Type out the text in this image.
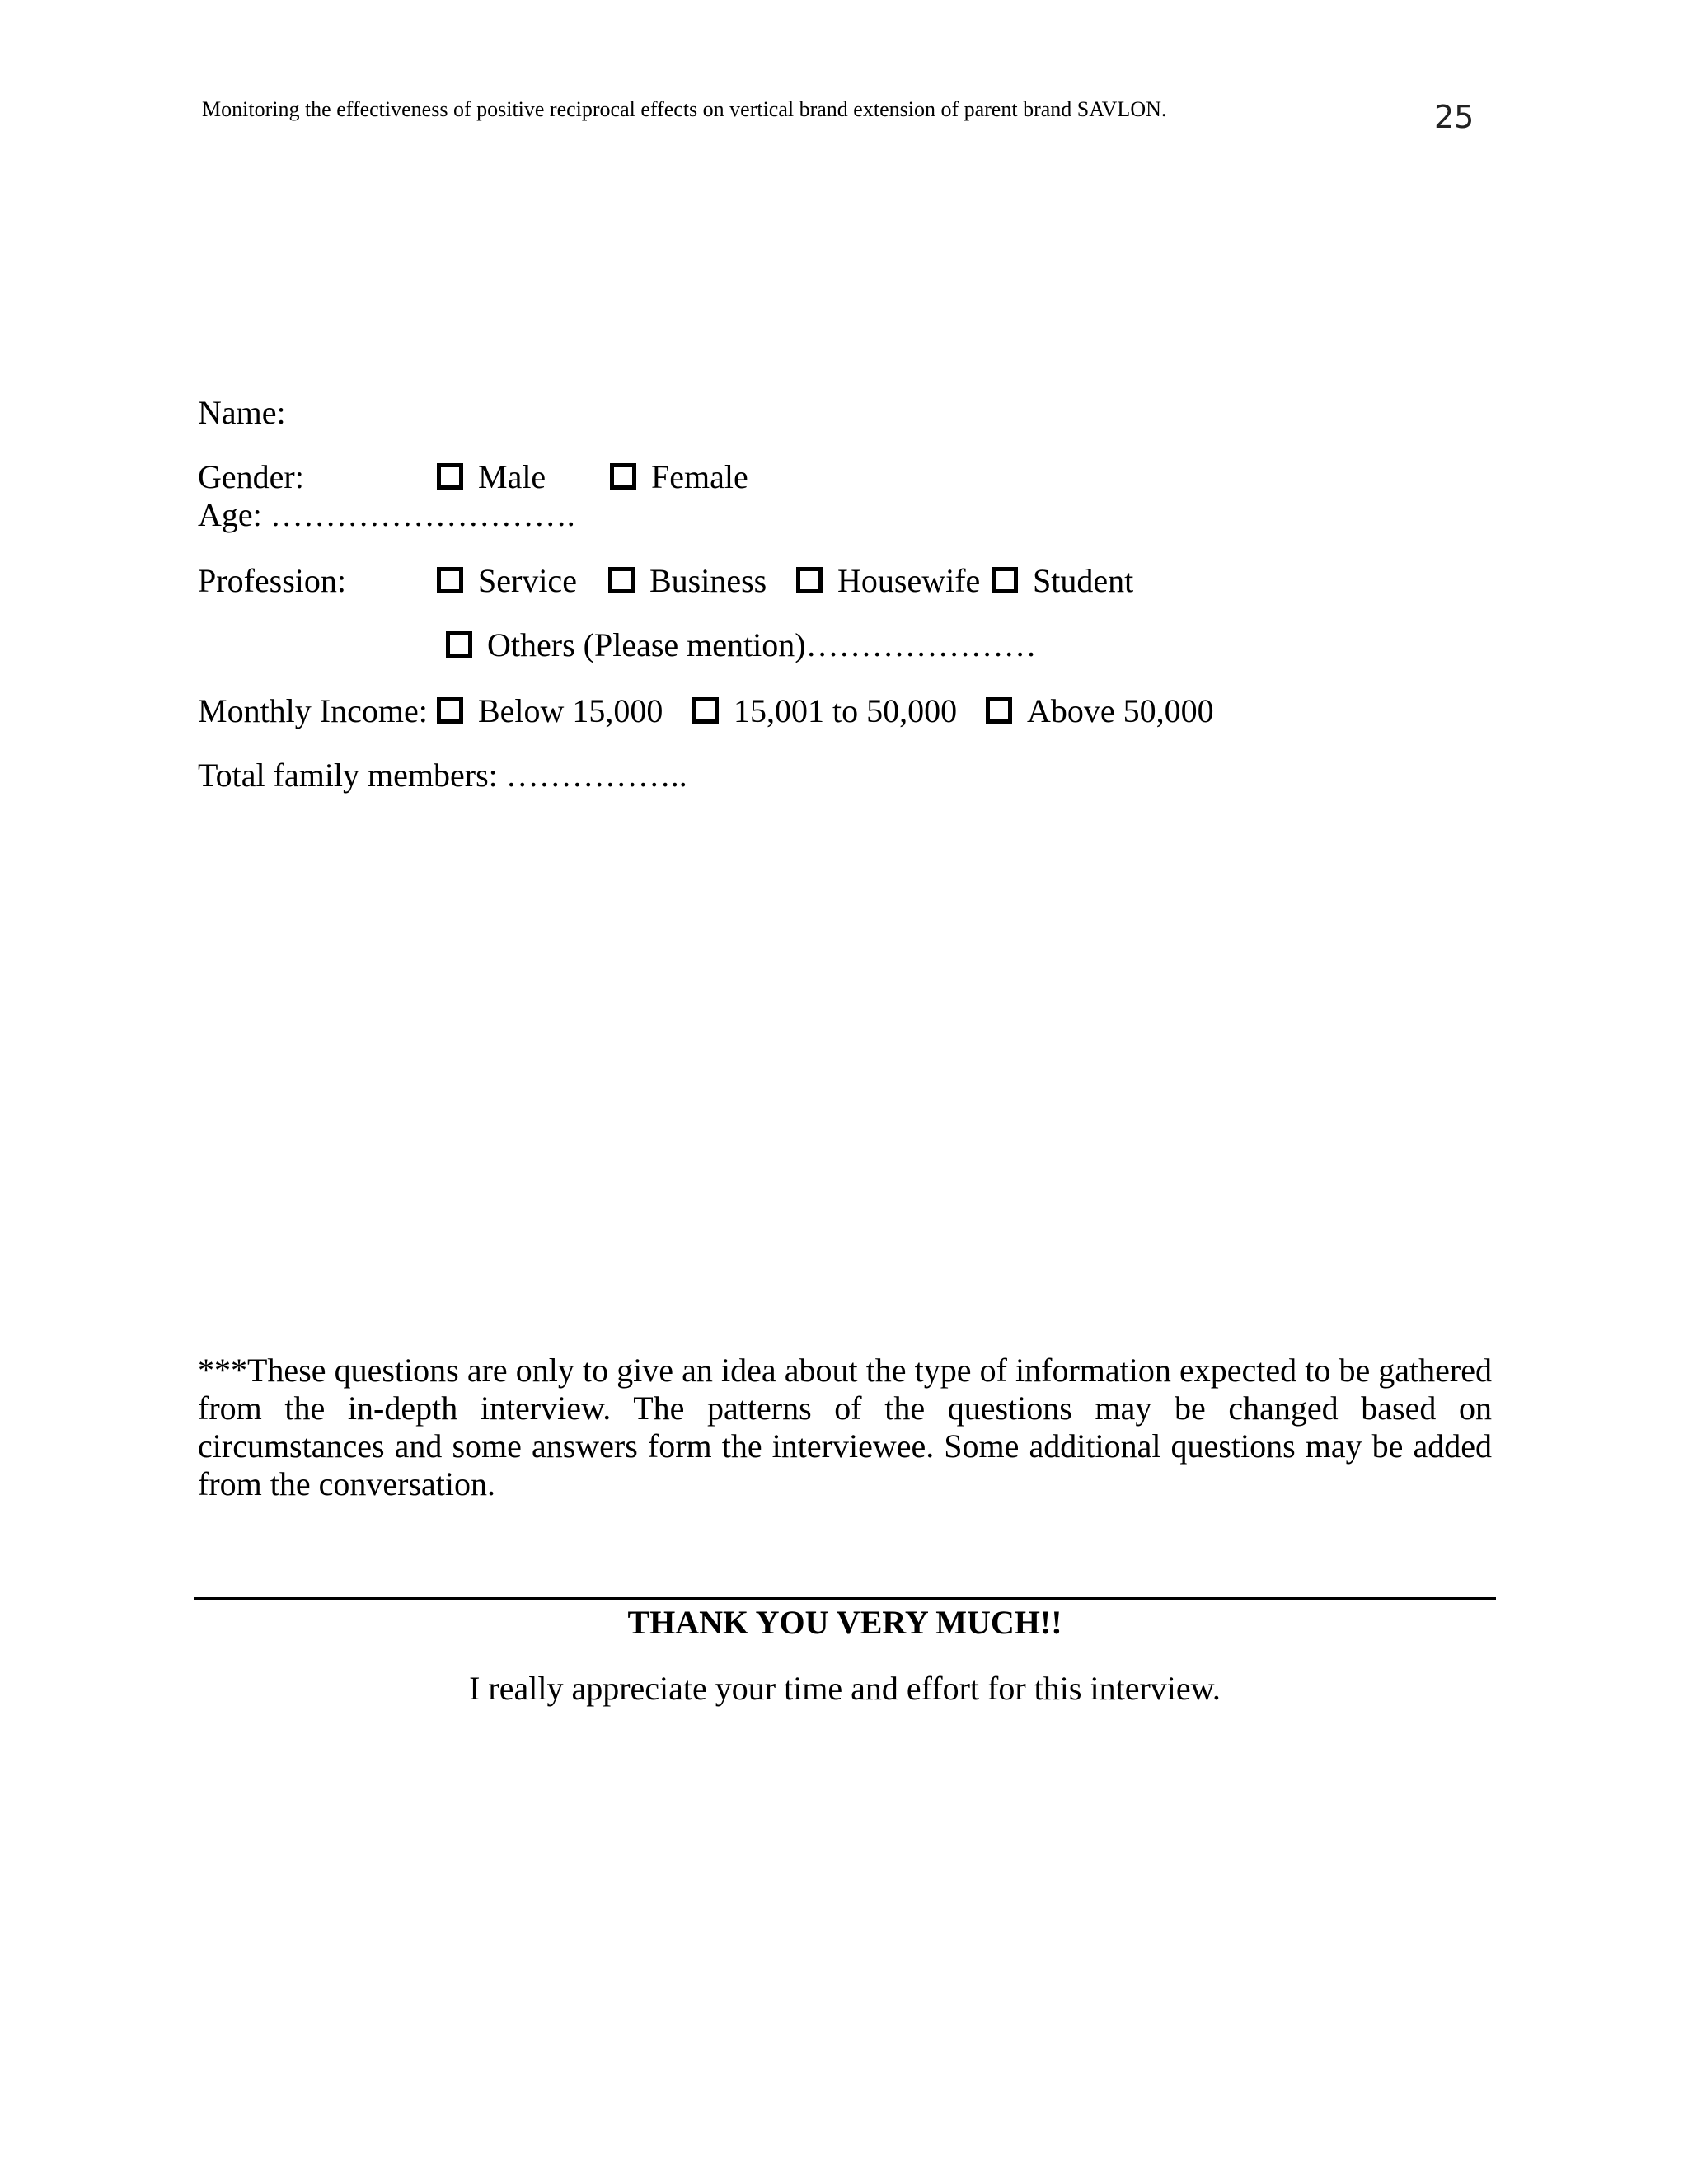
Monitoring the effectiveness of positive reciprocal effects on vertical brand extension of parent brand SAVLON.	25
Name:
Gender:	Male	Female
Age: ……………………….
Profession:	Service	Business	Housewife	Student
Others (Please mention)…………………
Monthly Income:	Below 15,000	15,001 to 50,000	Above 50,000
Total family members: ……………..
***These questions are only to give an idea about the type of information expected to be gathered from the in-depth interview. The patterns of the questions may be changed based on circumstances and some answers form the interviewee. Some additional questions may be added from the conversation.
THANK YOU VERY MUCH!!
I really appreciate your time and effort for this interview.
